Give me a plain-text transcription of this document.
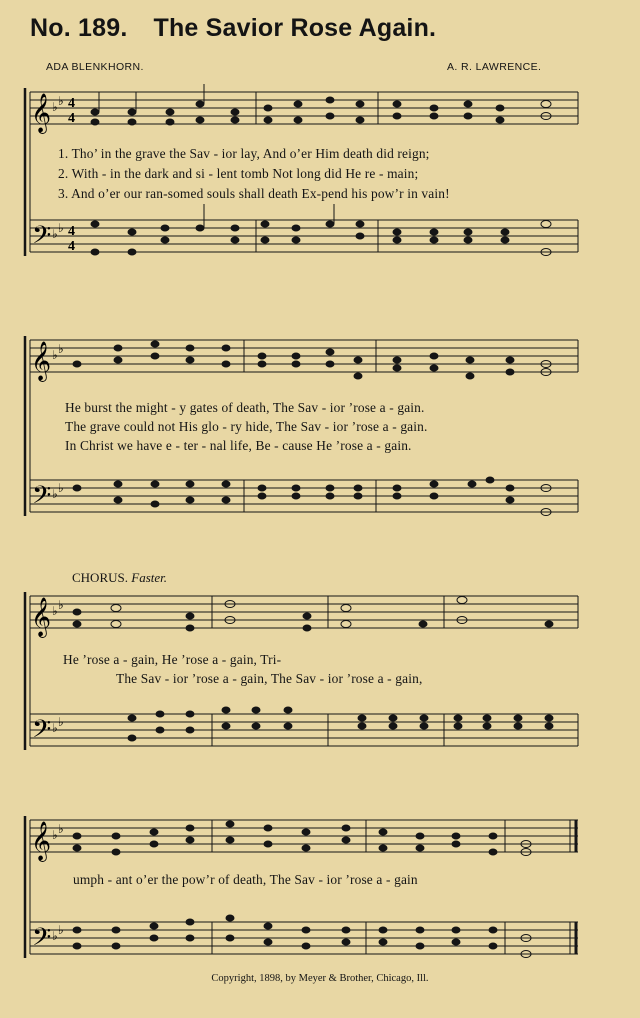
No. 189. The Savior Rose Again.
ADA BLENKHORN.	A. R. LAWRENCE.
𝄞
𝄢
♭ ♭
♭ ♭
4
4
4
4
1. Tho’ in the grave the Sav - ior lay, And o’er Him death did reign;
2. With - in the dark and si - lent tomb Not long did He re - main;
3. And o’er our ran-somed souls shall death Ex-pend his pow’r in vain!
𝄞
𝄢
♭ ♭
♭ ♭
He burst the might - y gates of death, The Sav - ior ’rose a - gain.
The grave could not His glo - ry hide, The Sav - ior ’rose a - gain.
In Christ we have e - ter - nal life, Be - cause He ’rose a - gain.
CHORUS. Faster.
𝄞
𝄢
♭ ♭
♭ ♭
He ’rose a - gain, He ’rose a - gain, Tri-
The Sav - ior ’rose a - gain, The Sav - ior ’rose a - gain,
𝄞
𝄢
♭ ♭
♭ ♭
umph - ant o’er the pow’r of death, The Sav - ior ’rose a - gain
Copyright, 1898, by Meyer & Brother, Chicago, Ill.
